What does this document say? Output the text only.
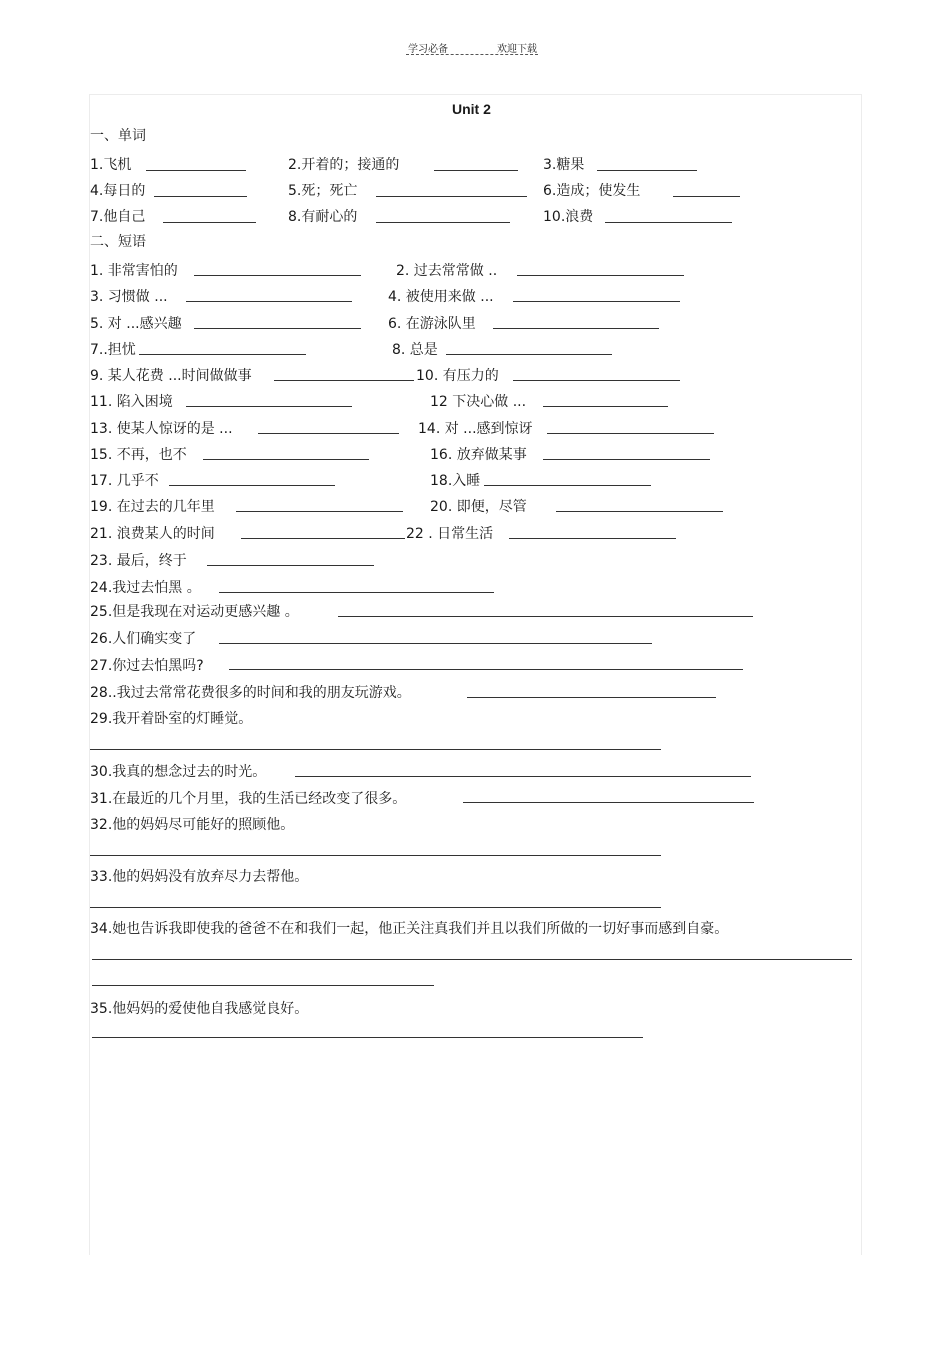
学习必备	欢迎下载
Unit 2
一、单词
1.飞机	2.开着的；接通的	3.糖果
4.每日的	5.死；死亡	6.造成；使发生
7.他自己	8.有耐心的	10.浪费
二、短语
1. 非常害怕的	2. 过去常常做 ..
3. 习惯做 ...	4. 被使用来做 ...
5. 对 ...感兴趣	6. 在游泳队里
7..担忧	8. 总是
9. 某人花费 ...时间做做事	10. 有压力的
11. 陷入困境	12 下决心做 ...
13. 使某人惊讶的是 ...	14. 对 ...感到惊讶
15. 不再，也不	16. 放弃做某事
17. 几乎不	18.入睡
19. 在过去的几年里	20. 即便，尽管
21. 浪费某人的时间	22 . 日常生活
23. 最后，终于
24.我过去怕黑 。
25.但是我现在对运动更感兴趣 。
26.人们确实变了
27.你过去怕黑吗?
28..我过去常常花费很多的时间和我的朋友玩游戏。
29.我开着卧室的灯睡觉。
30.我真的想念过去的时光。
31.在最近的几个月里，我的生活已经改变了很多。
32.他的妈妈尽可能好的照顾他。
33.他的妈妈没有放弃尽力去帮他。
34.她也告诉我即使我的爸爸不在和我们一起，他正关注真我们并且以我们所做的一切好事而感到自豪。
35.他妈妈的爱使他自我感觉良好。
